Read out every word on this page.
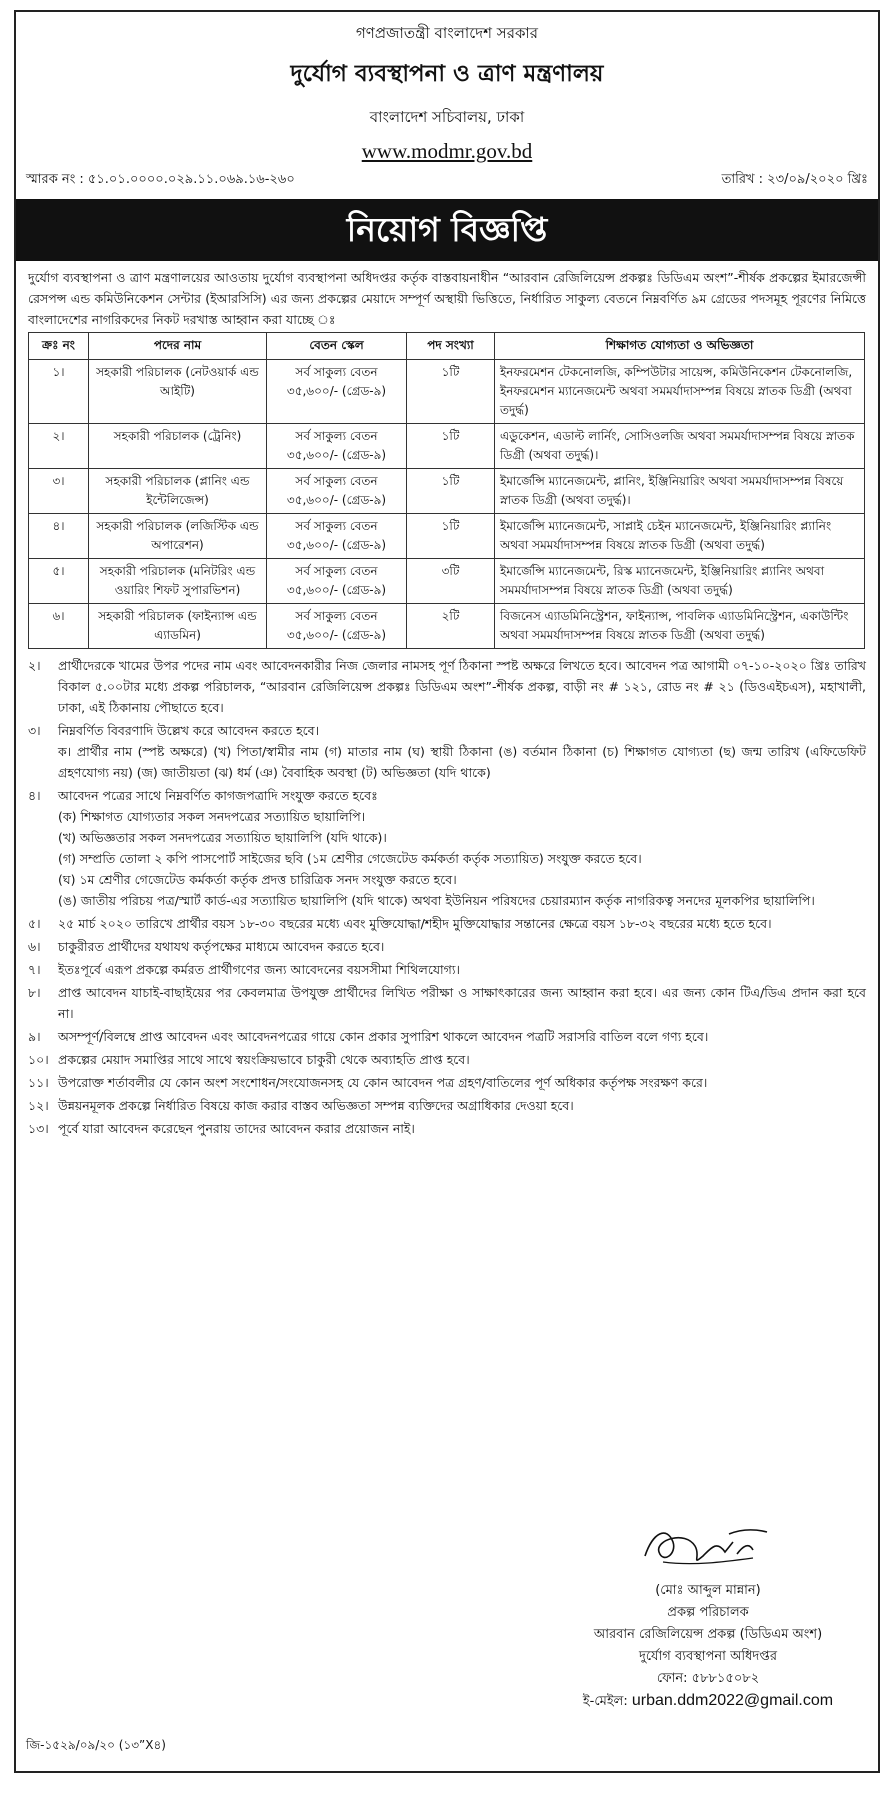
গণপ্রজাতন্ত্রী বাংলাদেশ সরকার
দুর্যোগ ব্যবস্থাপনা ও ত্রাণ মন্ত্রণালয়
বাংলাদেশ সচিবালয়, ঢাকা
www.modmr.gov.bd
স্মারক নং : ৫১.০১.০০০০.০২৯.১১.০৬৯.১৬-২৬০	তারিখ : ২৩/০৯/২০২০ খ্রিঃ
নিয়োগ বিজ্ঞপ্তি
দুর্যোগ ব্যবস্থাপনা ও ত্রাণ মন্ত্রণালয়ের আওতায় দুর্যোগ ব্যবস্থাপনা অধিদপ্তর কর্তৃক বাস্তবায়নাধীন “আরবান রেজিলিয়েন্স প্রকল্পঃ ডিডিএম অংশ”-শীর্ষক প্রকল্পের ইমারজেন্সী রেসপন্স এন্ড কমিউনিকেশন সেন্টার (ইআরসিসি) এর জন্য প্রকল্পের মেয়াদে সম্পূর্ণ অস্থায়ী ভিত্তিতে, নির্ধারিত সাকুল্য বেতনে নিম্নবর্ণিত ৯ম গ্রেডের পদসমূহ পূরণের নিমিত্তে বাংলাদেশের নাগরিকদের নিকট দরখাস্ত আহ্বান করা যাচ্ছে ঃ
ক্রঃ নং	পদের নাম	বেতন স্কেল	পদ সংখ্যা	শিক্ষাগত যোগ্যতা ও অভিজ্ঞতা
১।	সহকারী পরিচালক (নেটওয়ার্ক এন্ড আইটি)	সর্ব সাকুল্য বেতন ৩৫,৬০০/- (গ্রেড-৯)	১টি	ইনফরমেশন টেকনোলজি, কম্পিউটার সায়েন্স, কমিউনিকেশন টেকনোলজি, ইনফরমেশন ম্যানেজমেন্ট অথবা সমমর্যাদাসম্পন্ন বিষয়ে স্নাতক ডিগ্রী (অথবা তদুর্দ্ধ)
২।	সহকারী পরিচালক (ট্রেনিং)	সর্ব সাকুল্য বেতন ৩৫,৬০০/- (গ্রেড-৯)	১টি	এডুকেশন, এডাল্ট লার্নিং, সোসিওলজি অথবা সমমর্যাদাসম্পন্ন বিষয়ে স্নাতক ডিগ্রী (অথবা তদুর্দ্ধ)।
৩।	সহকারী পরিচালক (প্লানিং এন্ড ইন্টেলিজেন্স)	সর্ব সাকুল্য বেতন ৩৫,৬০০/- (গ্রেড-৯)	১টি	ইমার্জেন্সি ম্যানেজমেন্ট, প্লানিং, ইঞ্জিনিয়ারিং অথবা সমমর্যাদাসম্পন্ন বিষয়ে স্নাতক ডিগ্রী (অথবা তদুর্দ্ধ)।
৪।	সহকারী পরিচালক (লজিস্টিক এন্ড অপারেশন)	সর্ব সাকুল্য বেতন ৩৫,৬০০/- (গ্রেড-৯)	১টি	ইমার্জেন্সি ম্যানেজমেন্ট, সাপ্লাই চেইন ম্যানেজমেন্ট, ইঞ্জিনিয়ারিং প্ল্যানিং অথবা সমমর্যাদাসম্পন্ন বিষয়ে স্নাতক ডিগ্রী (অথবা তদুর্দ্ধ)
৫।	সহকারী পরিচালক (মনিটরিং এন্ড ওয়ারিং শিফট সুপারভিশন)	সর্ব সাকুল্য বেতন ৩৫,৬০০/- (গ্রেড-৯)	৩টি	ইমার্জেন্সি ম্যানেজমেন্ট, রিস্ক ম্যানেজমেন্ট, ইঞ্জিনিয়ারিং প্ল্যানিং অথবা সমমর্যাদাসম্পন্ন বিষয়ে স্নাতক ডিগ্রী (অথবা তদুর্দ্ধ)
৬।	সহকারী পরিচালক (ফাইন্যান্স এন্ড এ্যাডমিন)	সর্ব সাকুল্য বেতন ৩৫,৬০০/- (গ্রেড-৯)	২টি	বিজনেস এ্যাডমিনিস্ট্রেশন, ফাইন্যান্স, পাবলিক এ্যাডমিনিস্ট্রেশন, একাউন্টিং অথবা সমমর্যাদাসম্পন্ন বিষয়ে স্নাতক ডিগ্রী (অথবা তদুর্দ্ধ)
২।	প্রার্থীদেরকে খামের উপর পদের নাম এবং আবেদনকারীর নিজ জেলার নামসহ পূর্ণ ঠিকানা স্পষ্ট অক্ষরে লিখতে হবে। আবেদন পত্র আগামী ০৭-১০-২০২০ খ্রিঃ তারিখ বিকাল ৫.০০টার মধ্যে প্রকল্প পরিচালক, “আরবান রেজিলিয়েন্স প্রকল্পঃ ডিডিএম অংশ”-শীর্ষক প্রকল্প, বাড়ী নং # ১২১, রোড নং # ২১ (ডিওএইচএস), মহাখালী, ঢাকা, এই ঠিকানায় পৌছাতে হবে।
৩।	নিম্নবর্ণিত বিবরণাদি উল্লেখ করে আবেদন করতে হবে।
ক। প্রার্থীর নাম (স্পষ্ট অক্ষরে) (খ) পিতা/স্বামীর নাম (গ) মাতার নাম (ঘ) স্থায়ী ঠিকানা (ঙ) বর্তমান ঠিকানা (চ) শিক্ষাগত যোগ্যতা (ছ) জন্ম তারিখ (এফিডেফিট গ্রহণযোগ্য নয়) (জ) জাতীয়তা (ঝ) ধর্ম (ঞ) বৈবাহিক অবস্থা (ট) অভিজ্ঞতা (যদি থাকে)
৪।	আবেদন পত্রের সাথে নিম্নবর্ণিত কাগজপত্রাদি সংযুক্ত করতে হবেঃ
(ক) শিক্ষাগত যোগ্যতার সকল সনদপত্রের সত্যায়িত ছায়ালিপি।
(খ) অভিজ্ঞতার সকল সনদপত্রের সত্যায়িত ছায়ালিপি (যদি থাকে)।
(গ) সম্প্রতি তোলা ২ কপি পাসপোর্ট সাইজের ছবি (১ম শ্রেণীর গেজেটেড কর্মকর্তা কর্তৃক সত্যায়িত) সংযুক্ত করতে হবে।
(ঘ) ১ম শ্রেণীর গেজেটেড কর্মকর্তা কর্তৃক প্রদত্ত চারিত্রিক সনদ সংযুক্ত করতে হবে।
(ঙ) জাতীয় পরিচয় পত্র/স্মার্ট কার্ড-এর সত্যায়িত ছায়ালিপি (যদি থাকে) অথবা ইউনিয়ন পরিষদের চেয়ারম্যান কর্তৃক নাগরিকত্ব সনদের মূলকপির ছায়ালিপি।
৫।	২৫ মার্চ ২০২০ তারিখে প্রার্থীর বয়স ১৮-৩০ বছরের মধ্যে এবং মুক্তিযোদ্ধা/শহীদ মুক্তিযোদ্ধার সন্তানের ক্ষেত্রে বয়স ১৮-৩২ বছরের মধ্যে হতে হবে।
৬।	চাকুরীরত প্রার্থীদের যথাযথ কর্তৃপক্ষের মাধ্যমে আবেদন করতে হবে।
৭।	ইতঃপূর্বে এরূপ প্রকল্পে কর্মরত প্রার্থীগণের জন্য আবেদনের বয়সসীমা শিথিলযোগ্য।
৮।	প্রাপ্ত আবেদন যাচাই-বাছাইয়ের পর কেবলমাত্র উপযুক্ত প্রার্থীদের লিখিত পরীক্ষা ও সাক্ষাৎকারের জন্য আহ্বান করা হবে। এর জন্য কোন টিএ/ডিএ প্রদান করা হবে না।
৯।	অসম্পূর্ণ/বিলম্বে প্রাপ্ত আবেদন এবং আবেদনপত্রের গায়ে কোন প্রকার সুপারিশ থাকলে আবেদন পত্রটি সরাসরি বাতিল বলে গণ্য হবে।
১০। প্রকল্পের মেয়াদ সমাপ্তির সাথে সাথে স্বয়ংক্রিয়ভাবে চাকুরী থেকে অব্যাহতি প্রাপ্ত হবে।
১১। উপরোক্ত শর্তাবলীর যে কোন অংশ সংশোধন/সংযোজনসহ যে কোন আবেদন পত্র গ্রহণ/বাতিলের পূর্ণ অধিকার কর্তৃপক্ষ সংরক্ষণ করে।
১২। উন্নয়নমূলক প্রকল্পে নির্ধারিত বিষয়ে কাজ করার বাস্তব অভিজ্ঞতা সম্পন্ন ব্যক্তিদের অগ্রাধিকার দেওয়া হবে।
১৩। পূর্বে যারা আবেদন করেছেন পুনরায় তাদের আবেদন করার প্রয়োজন নাই।
(মোঃ আব্দুল মান্নান)
প্রকল্প পরিচালক
আরবান রেজিলিয়েন্স প্রকল্প (ডিডিএম অংশ)
দুর্যোগ ব্যবস্থাপনা অধিদপ্তর
ফোন: ৫৮৮১৫০৮২
ই-মেইল: urban.ddm2022@gmail.com
জি-১৫২৯/০৯/২০ (১৩”X৪)
